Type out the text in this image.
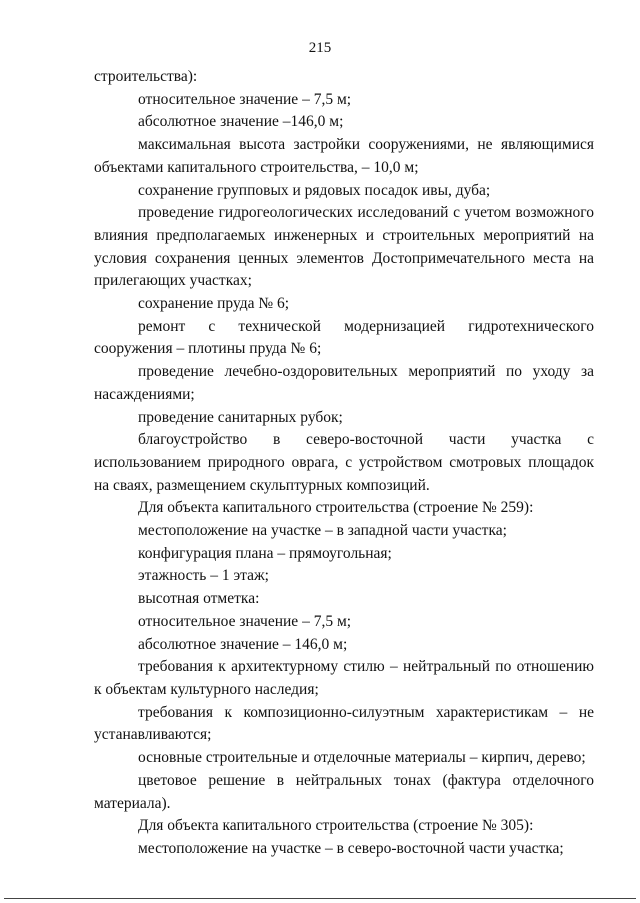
215

строительства):

относительное значение – 7,5 м;

абсолютное значение –146,0 м;

максимальная высота застройки сооружениями, не являющимися объектами капитального строительства, – 10,0 м;

сохранение групповых и рядовых посадок ивы, дуба;

проведение гидрогеологических исследований с учетом возможного влияния предполагаемых инженерных и строительных мероприятий на условия сохранения ценных элементов Достопримечательного места на прилегающих участках;

сохранение пруда № 6;

ремонт с технической модернизацией гидротехнического сооружения – плотины пруда № 6;

проведение лечебно-оздоровительных мероприятий по уходу за насаждениями;

проведение санитарных рубок;

благоустройство в северо-восточной части участка с использованием природного оврага, с устройством смотровых площадок на сваях, размещением скульптурных композиций.

Для объекта капитального строительства (строение № 259):

местоположение на участке – в западной части участка;

конфигурация плана – прямоугольная;

этажность – 1 этаж;

высотная отметка:

относительное значение – 7,5 м;

абсолютное значение – 146,0 м;

требования к архитектурному стилю – нейтральный по отношению к объектам культурного наследия;

требования к композиционно-силуэтным характеристикам – не устанавливаются;

основные строительные и отделочные материалы – кирпич, дерево;

цветовое решение в нейтральных тонах (фактура отделочного материала).

Для объекта капитального строительства (строение № 305):

местоположение на участке – в северо-восточной части участка;
